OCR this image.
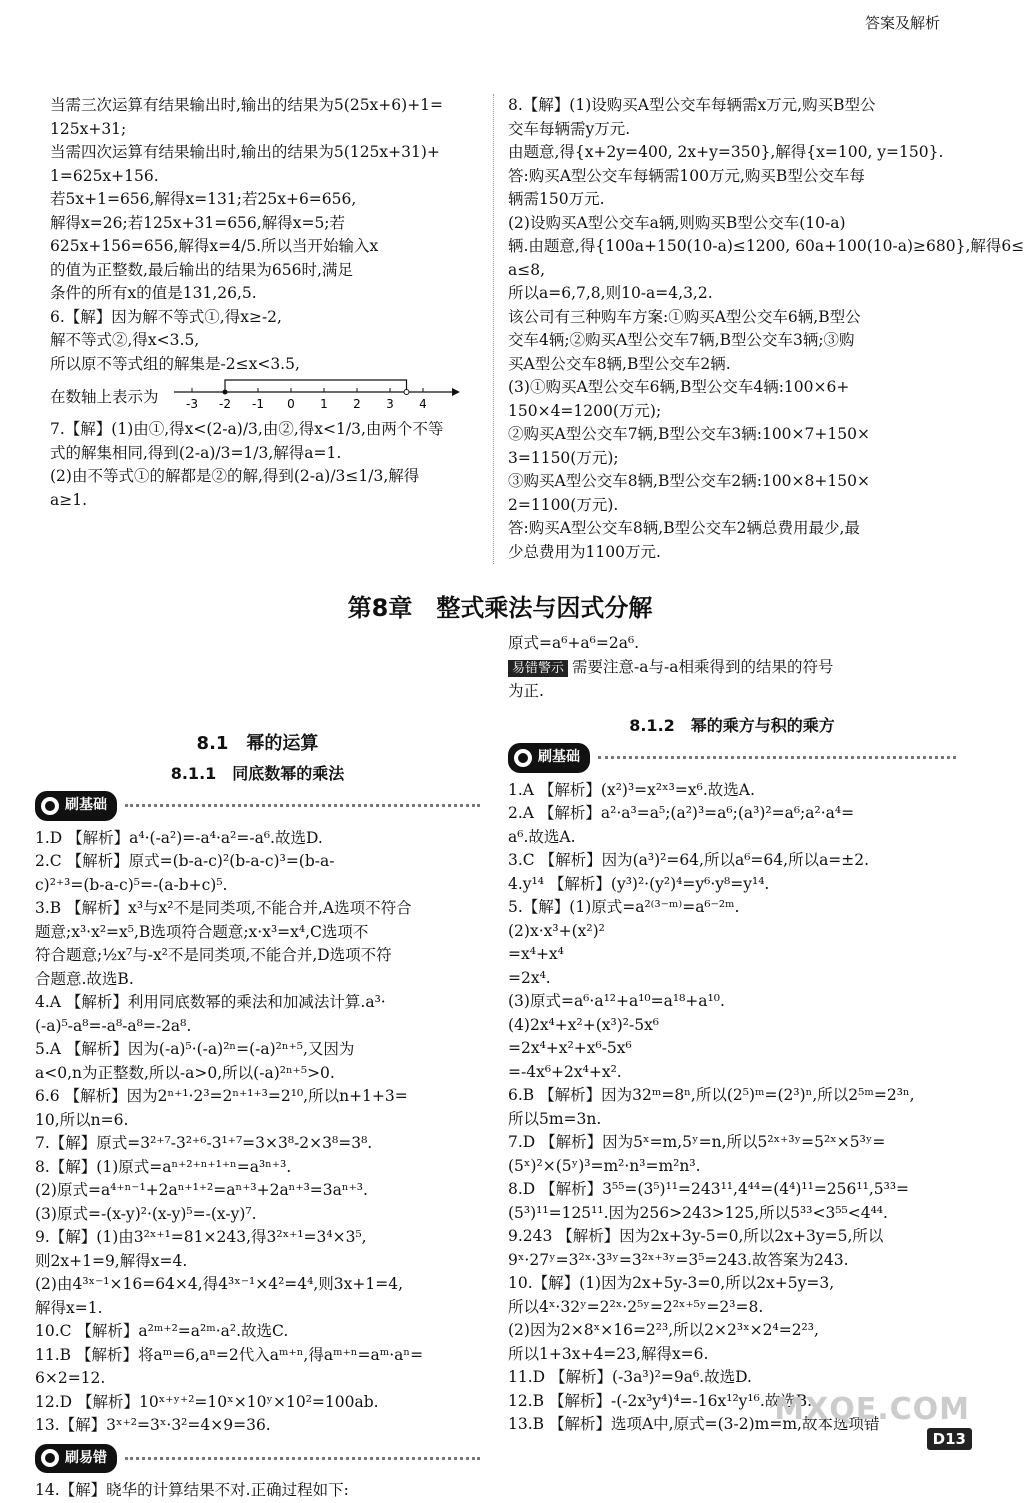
答案及解析
当需三次运算有结果输出时,输出的结果为5(25x+6)+1=
125x+31;
当需四次运算有结果输出时,输出的结果为5(125x+31)+
1=625x+156.
若5x+1=656,解得x=131;若25x+6=656,
解得x=26;若125x+31=656,解得x=5;若
625x+156=656,解得x=4/5.所以当开始输入x
的值为正整数,最后输出的结果为656时,满足
条件的所有x的值是131,26,5.
6.【解】因为解不等式①,得x≥-2,
解不等式②,得x<3.5,
所以原不等式组的解集是-2≤x<3.5,
在数轴上表示为 -3 -2 -1 0 1 2 3 4
7.【解】(1)由①,得x<(2-a)/3,由②,得x<1/3,由两个不等
式的解集相同,得到(2-a)/3=1/3,解得a=1.
(2)由不等式①的解都是②的解,得到(2-a)/3≤1/3,解得
a≥1.
8.【解】(1)设购买A型公交车每辆需x万元,购买B型公
交车每辆需y万元.
由题意,得{x+2y=400, 2x+y=350},解得{x=100, y=150}.
答:购买A型公交车每辆需100万元,购买B型公交车每
辆需150万元.
(2)设购买A型公交车a辆,则购买B型公交车(10-a)
辆.由题意,得{100a+150(10-a)≤1200, 60a+100(10-a)≥680},解得6≤
a≤8,
所以a=6,7,8,则10-a=4,3,2.
该公司有三种购车方案:①购买A型公交车6辆,B型公
交车4辆;②购买A型公交车7辆,B型公交车3辆;③购
买A型公交车8辆,B型公交车2辆.
(3)①购买A型公交车6辆,B型公交车4辆:100×6+
150×4=1200(万元);
②购买A型公交车7辆,B型公交车3辆:100×7+150×
3=1150(万元);
③购买A型公交车8辆,B型公交车2辆:100×8+150×
2=1100(万元).
答:购买A型公交车8辆,B型公交车2辆总费用最少,最
少总费用为1100万元.
第8章　整式乘法与因式分解
8.1　幂的运算
8.1.1　同底数幂的乘法
刷基础
1.D 【解析】a⁴·(-a²)=-a⁴·a²=-a⁶.故选D.
2.C 【解析】原式=(b-a-c)²(b-a-c)³=(b-a-
c)²⁺³=(b-a-c)⁵=-(a-b+c)⁵.
3.B 【解析】x³与x²不是同类项,不能合并,A选项不符合
题意;x³·x²=x⁵,B选项符合题意;x·x³=x⁴,C选项不
符合题意;½x⁷与-x²不是同类项,不能合并,D选项不符
合题意.故选B.
4.A 【解析】利用同底数幂的乘法和加减法计算.a³·
(-a)⁵-a⁸=-a⁸-a⁸=-2a⁸.
5.A 【解析】因为(-a)⁵·(-a)²ⁿ=(-a)²ⁿ⁺⁵,又因为
a<0,n为正整数,所以-a>0,所以(-a)²ⁿ⁺⁵>0.
6.6 【解析】因为2ⁿ⁺¹·2³=2ⁿ⁺¹⁺³=2¹⁰,所以n+1+3=
10,所以n=6.
7.【解】原式=3²⁺⁷-3²⁺⁶-3¹⁺⁷=3×3⁸-2×3⁸=3⁸.
8.【解】(1)原式=aⁿ⁺²⁺ⁿ⁺¹⁺ⁿ=a³ⁿ⁺³.
(2)原式=a⁴⁺ⁿ⁻¹+2aⁿ⁺¹⁺²=aⁿ⁺³+2aⁿ⁺³=3aⁿ⁺³.
(3)原式=-(x-y)²·(x-y)⁵=-(x-y)⁷.
9.【解】(1)由3²ˣ⁺¹=81×243,得3²ˣ⁺¹=3⁴×3⁵,
则2x+1=9,解得x=4.
(2)由4³ˣ⁻¹×16=64×4,得4³ˣ⁻¹×4²=4⁴,则3x+1=4,
解得x=1.
10.C 【解析】a²ᵐ⁺²=a²ᵐ·a².故选C.
11.B 【解析】将aᵐ=6,aⁿ=2代入aᵐ⁺ⁿ,得aᵐ⁺ⁿ=aᵐ·aⁿ=
6×2=12.
12.D 【解析】10ˣ⁺ʸ⁺²=10ˣ×10ʸ×10²=100ab.
13.【解】3ˣ⁺²=3ˣ·3²=4×9=36.
刷易错
14.【解】晓华的计算结果不对.正确过程如下:
原式=a⁶+a⁶=2a⁶.
易错警示 需要注意-a与-a相乘得到的结果的符号
为正.
8.1.2　幂的乘方与积的乘方
刷基础
1.A 【解析】(x²)³=x²ˣ³=x⁶.故选A.
2.A 【解析】a²·a³=a⁵;(a²)³=a⁶;(a³)²=a⁶;a²·a⁴=
a⁶.故选A.
3.C 【解析】因为(a³)²=64,所以a⁶=64,所以a=±2.
4.y¹⁴ 【解析】(y³)²·(y²)⁴=y⁶·y⁸=y¹⁴.
5.【解】(1)原式=a²⁽³⁻ᵐ⁾=a⁶⁻²ᵐ.
(2)x·x³+(x²)²
=x⁴+x⁴
=2x⁴.
(3)原式=a⁶·a¹²+a¹⁰=a¹⁸+a¹⁰.
(4)2x⁴+x²+(x³)²-5x⁶
=2x⁴+x²+x⁶-5x⁶
=-4x⁶+2x⁴+x².
6.B 【解析】因为32ᵐ=8ⁿ,所以(2⁵)ᵐ=(2³)ⁿ,所以2⁵ᵐ=2³ⁿ,
所以5m=3n.
7.D 【解析】因为5ˣ=m,5ʸ=n,所以5²ˣ⁺³ʸ=5²ˣ×5³ʸ=
(5ˣ)²×(5ʸ)³=m²·n³=m²n³.
8.D 【解析】3⁵⁵=(3⁵)¹¹=243¹¹,4⁴⁴=(4⁴)¹¹=256¹¹,5³³=
(5³)¹¹=125¹¹.因为256>243>125,所以5³³<3⁵⁵<4⁴⁴.
9.243 【解析】因为2x+3y-5=0,所以2x+3y=5,所以
9ˣ·27ʸ=3²ˣ·3³ʸ=3²ˣ⁺³ʸ=3⁵=243.故答案为243.
10.【解】(1)因为2x+5y-3=0,所以2x+5y=3,
所以4ˣ·32ʸ=2²ˣ·2⁵ʸ=2²ˣ⁺⁵ʸ=2³=8.
(2)因为2×8ˣ×16=2²³,所以2×2³ˣ×2⁴=2²³,
所以1+3x+4=23,解得x=6.
11.D 【解析】(-3a³)²=9a⁶.故选D.
12.B 【解析】-(-2x³y⁴)⁴=-16x¹²y¹⁶.故选B.
13.B 【解析】选项A中,原式=(3-2)m=m,故本选项错
MXQE.COM
D13
